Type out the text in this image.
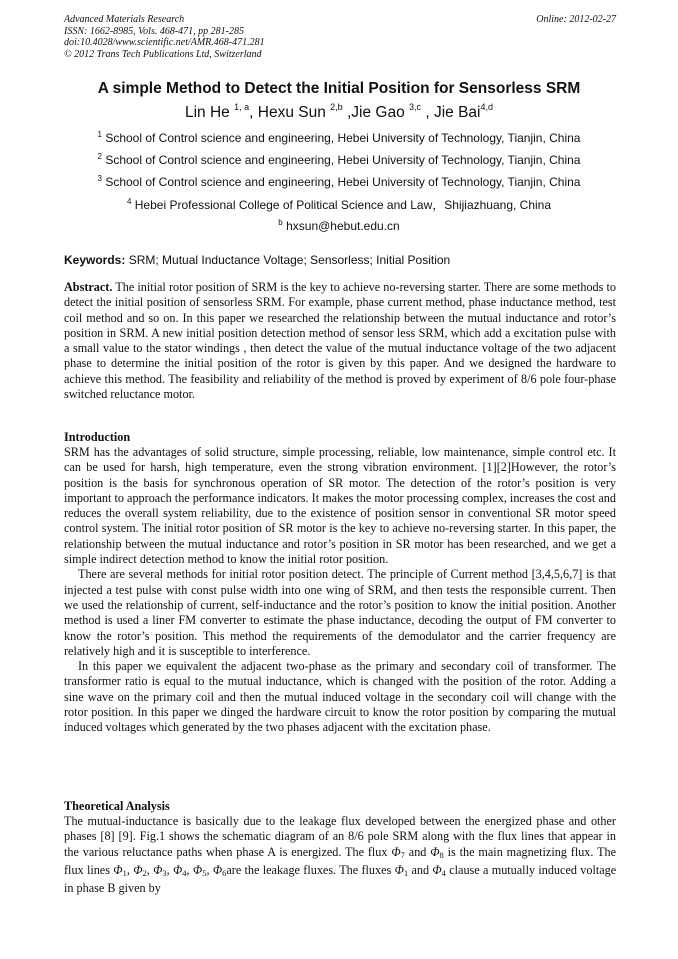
Advanced Materials Research
ISSN: 1662-8985, Vols. 468-471, pp 281-285
doi:10.4028/www.scientific.net/AMR.468-471.281
© 2012 Trans Tech Publications Ltd, Switzerland
Online: 2012-02-27
A simple Method to Detect the Initial Position for Sensorless SRM
Lin He $^{1, a}$, Hexu Sun $^{2,b}$ ,Jie Gao $^{3,c}$ , Jie Bai$^{4,d}$
$^1$ School of Control science and engineering, Hebei University of Technology, Tianjin, China
$^2$ School of Control science and engineering, Hebei University of Technology, Tianjin, China
$^3$ School of Control science and engineering, Hebei University of Technology, Tianjin, China
$^4$ Hebei Professional College of Political Science and Law，Shijiazhuang, China
$^b$ hxsun@hebut.edu.cn
Keywords: SRM; Mutual Inductance Voltage; Sensorless; Initial Position

Abstract. The initial rotor position of SRM is the key to achieve no-reversing starter. There are some methods to detect the initial position of sensorless SRM. For example, phase current method, phase inductance method, test coil method and so on. In this paper we researched the relationship between the mutual inductance and rotor’s position in SRM. A new initial position detection method of sensor less SRM, which add a excitation pulse with a small value to the stator windings , then detect the value of the mutual inductance voltage of the two adjacent phase to determine the initial position of the rotor is given by this paper. And we designed the hardware to achieve this method. The feasibility and reliability of the method is proved by experiment of 8/6 pole four-phase switched reluctance motor.

Introduction

SRM has the advantages of solid structure, simple processing, reliable, low maintenance, simple control etc. It can be used for harsh, high temperature, even the strong vibration environment. [1][2]However, the rotor’s position is the basis for synchronous operation of SR motor. The detection of the rotor’s position is very important to approach the performance indicators. It makes the motor processing complex, increases the cost and reduces the overall system reliability, due to the existence of position sensor in conventional SR motor speed control system. The initial rotor position of SR motor is the key to achieve no-reversing starter. In this paper, the relationship between the mutual inductance and rotor’s position in SR motor has been researched, and we get a simple indirect detection method to know the initial rotor position.

There are several methods for initial rotor position detect. The principle of Current method [3,4,5,6,7] is that injected a test pulse with const pulse width into one wing of SRM, and then tests the responsible current. Then we used the relationship of current, self-inductance and the rotor’s position to know the initial position. Another method is used a liner FM converter to estimate the phase inductance, decoding the output of FM converter to know the rotor’s position. This method the requirements of the demodulator and the carrier frequency are relatively high and it is susceptible to interference.

In this paper we equivalent the adjacent two-phase as the primary and secondary coil of transformer. The transformer ratio is equal to the mutual inductance, which is changed with the position of the rotor. Adding a sine wave on the primary coil and then the mutual induced voltage in the secondary coil will change with the rotor position. In this paper we dinged the hardware circuit to know the rotor position by comparing the mutual induced voltages which generated by the two phases adjacent with the excitation phase.

Theoretical Analysis

The mutual-inductance is basically due to the leakage flux developed between the energized phase and other phases [8] [9]. Fig.1 shows the schematic diagram of an 8/6 pole SRM along with the flux lines that appear in the various reluctance paths when phase A is energized. The flux $\Phi_7$ and $\Phi_8$ is the main magnetizing flux. The flux lines $\Phi_1$, $\Phi_2$, $\Phi_3$, $\Phi_4$, $\Phi_5$, $\Phi_6are$ the leakage fluxes. The fluxes $\Phi_1$ and $\Phi_4$ clause a mutually induced voltage in phase B given by
